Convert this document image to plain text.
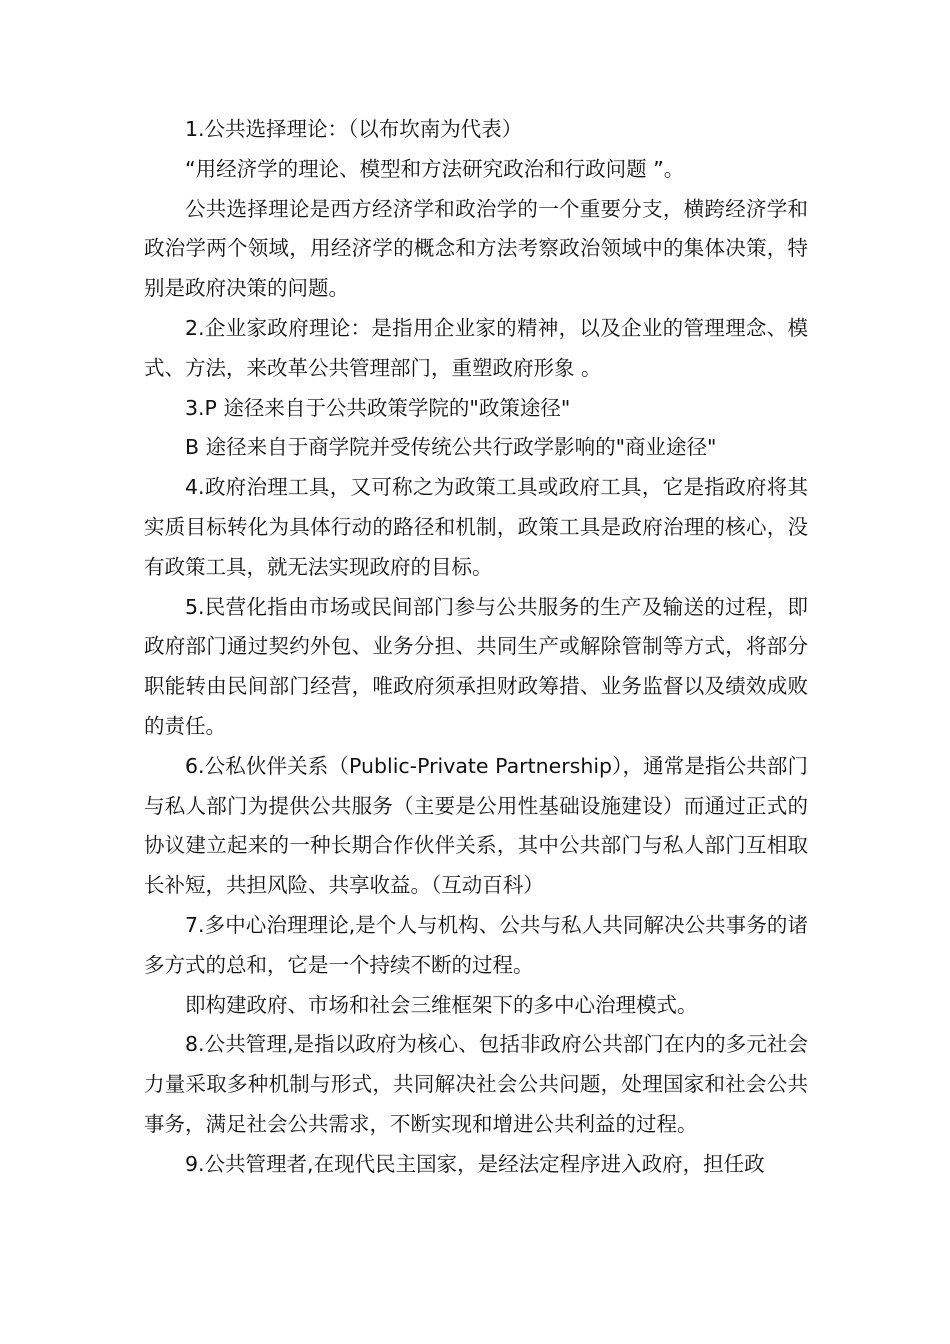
1.公共选择理论：（以布坎南为代表）

“用经济学的理论、模型和方法研究政治和行政问题 ”。

公共选择理论是西方经济学和政治学的一个重要分支，横跨经济学和政治学两个领域，用经济学的概念和方法考察政治领域中的集体决策，特别是政府决策的问题。

2.企业家政府理论：是指用企业家的精神，以及企业的管理理念、模式、方法，来改革公共管理部门，重塑政府形象 。

3.P 途径来自于公共政策学院的"政策途径"

B 途径来自于商学院并受传统公共行政学影响的"商业途径"

4.政府治理工具，又可称之为政策工具或政府工具，它是指政府将其实质目标转化为具体行动的路径和机制，政策工具是政府治理的核心，没有政策工具，就无法实现政府的目标。

5.民营化指由市场或民间部门参与公共服务的生产及输送的过程，即政府部门通过契约外包、业务分担、共同生产或解除管制等方式，将部分职能转由民间部门经营，唯政府须承担财政筹措、业务监督以及绩效成败的责任。

6.公私伙伴关系（Public-Private Partnership），通常是指公共部门与私人部门为提供公共服务（主要是公用性基础设施建设）而通过正式的协议建立起来的一种长期合作伙伴关系，其中公共部门与私人部门互相取长补短，共担风险、共享收益。（互动百科）

7.多中心治理理论,是个人与机构、公共与私人共同解决公共事务的诸多方式的总和，它是一个持续不断的过程。

即构建政府、市场和社会三维框架下的多中心治理模式。

8.公共管理,是指以政府为核心、包括非政府公共部门在内的多元社会力量采取多种机制与形式，共同解决社会公共问题，处理国家和社会公共事务，满足社会公共需求，不断实现和增进公共利益的过程。

9.公共管理者,在现代民主国家，是经法定程序进入政府，担任政
